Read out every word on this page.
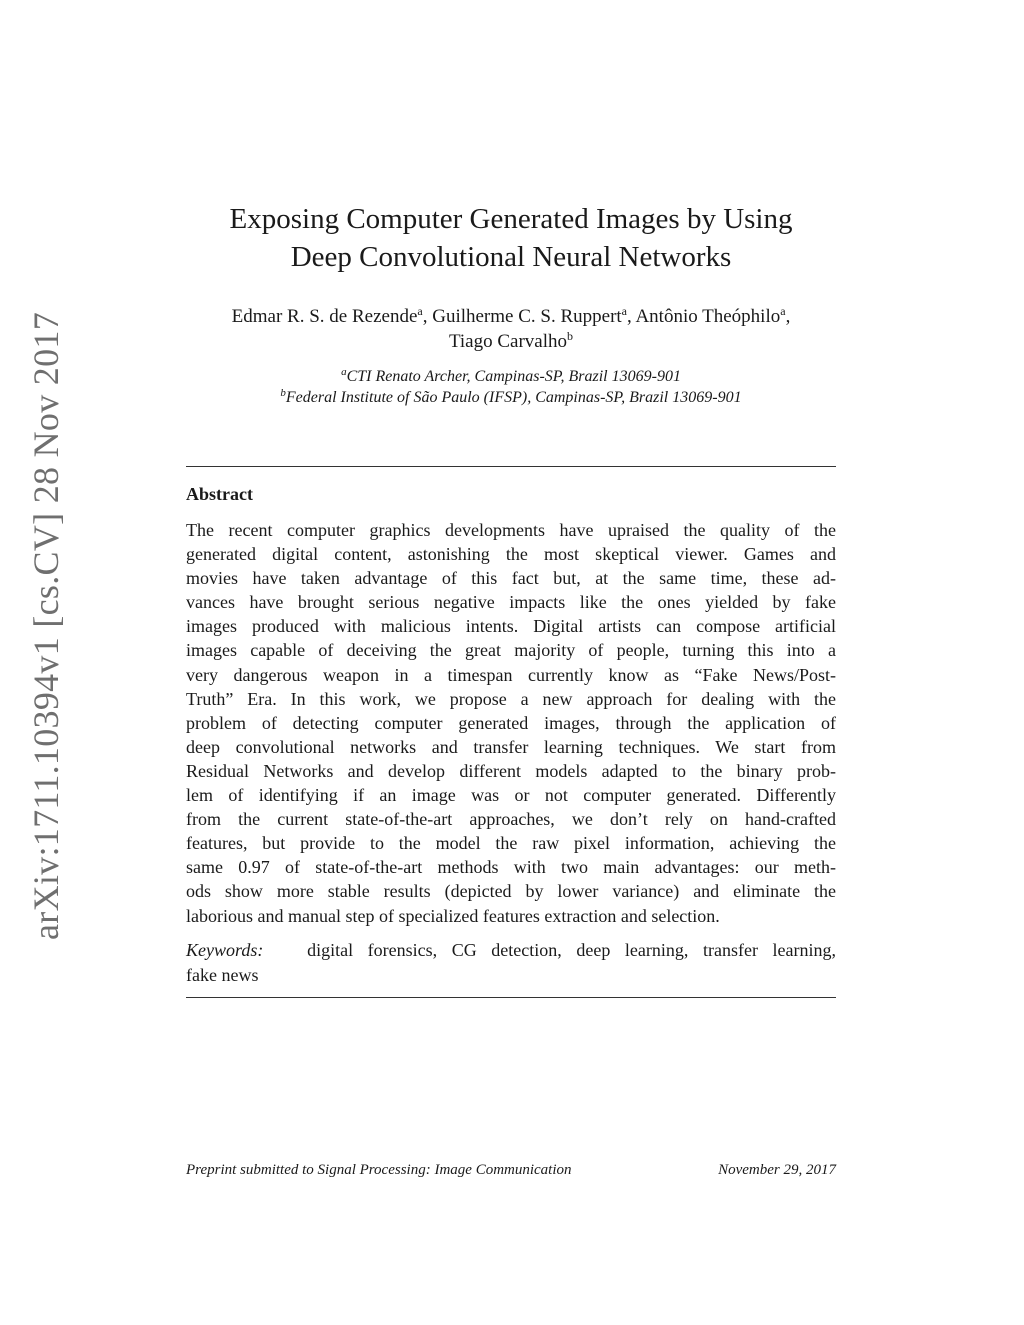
arXiv:1711.10394v1 [cs.CV] 28 Nov 2017
Exposing Computer Generated Images by Using
Deep Convolutional Neural Networks
Edmar R. S. de Rezende$^a$, Guilherme C. S. Ruppert$^a$, Antônio Theóphilo$^a$,
Tiago Carvalho$^b$
$^a$CTI Renato Archer, Campinas-SP, Brazil 13069-901
$^b$Federal Institute of São Paulo (IFSP), Campinas-SP, Brazil 13069-901
Abstract
The recent computer graphics developments have upraised the quality of the
generated digital content, astonishing the most skeptical viewer. Games and
movies have taken advantage of this fact but, at the same time, these ad-
vances have brought serious negative impacts like the ones yielded by fake
images produced with malicious intents. Digital artists can compose artificial
images capable of deceiving the great majority of people, turning this into a
very dangerous weapon in a timespan currently know as “Fake News/Post-
Truth” Era. In this work, we propose a new approach for dealing with the
problem of detecting computer generated images, through the application of
deep convolutional networks and transfer learning techniques. We start from
Residual Networks and develop different models adapted to the binary prob-
lem of identifying if an image was or not computer generated. Differently
from the current state-of-the-art approaches, we don’t rely on hand-crafted
features, but provide to the model the raw pixel information, achieving the
same 0.97 of state-of-the-art methods with two main advantages: our meth-
ods show more stable results (depicted by lower variance) and eliminate the
laborious and manual step of specialized features extraction and selection.
Keywords: digital forensics, CG detection, deep learning, transfer learning,
fake news
Preprint submitted to Signal Processing: Image Communication	November 29, 2017
